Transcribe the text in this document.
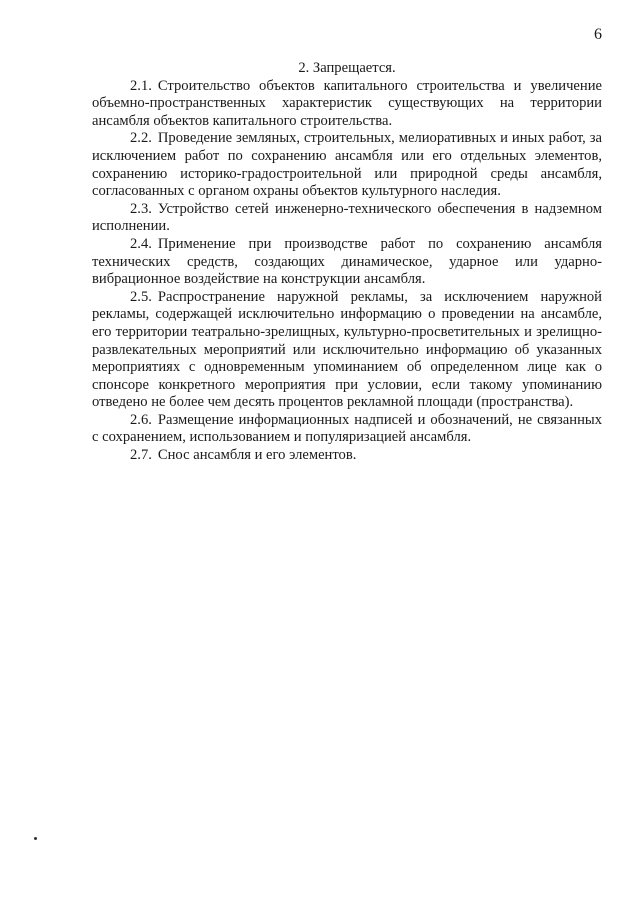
6

2. Запрещается.

2.1. Строительство объектов капитального строительства и увеличение объемно-пространственных характеристик существующих на территории ансамбля объектов капитального строительства.

2.2. Проведение земляных, строительных, мелиоративных и иных работ, за исключением работ по сохранению ансамбля или его отдельных элементов, сохранению историко-градостроительной или природной среды ансамбля, согласованных с органом охраны объектов культурного наследия.

2.3. Устройство сетей инженерно-технического обеспечения в надземном исполнении.

2.4. Применение при производстве работ по сохранению ансамбля технических средств, создающих динамическое, ударное или ударно-вибрационное воздействие на конструкции ансамбля.

2.5. Распространение наружной рекламы, за исключением наружной рекламы, содержащей исключительно информацию о проведении на ансамбле, его территории театрально-зрелищных, культурно-просветительных и зрелищно-развлекательных мероприятий или исключительно информацию об указанных мероприятиях с одновременным упоминанием об определенном лице как о спонсоре конкретного мероприятия при условии, если такому упоминанию отведено не более чем десять процентов рекламной площади (пространства).

2.6. Размещение информационных надписей и обозначений, не связанных с сохранением, использованием и популяризацией ансамбля.

2.7. Снос ансамбля и его элементов.
